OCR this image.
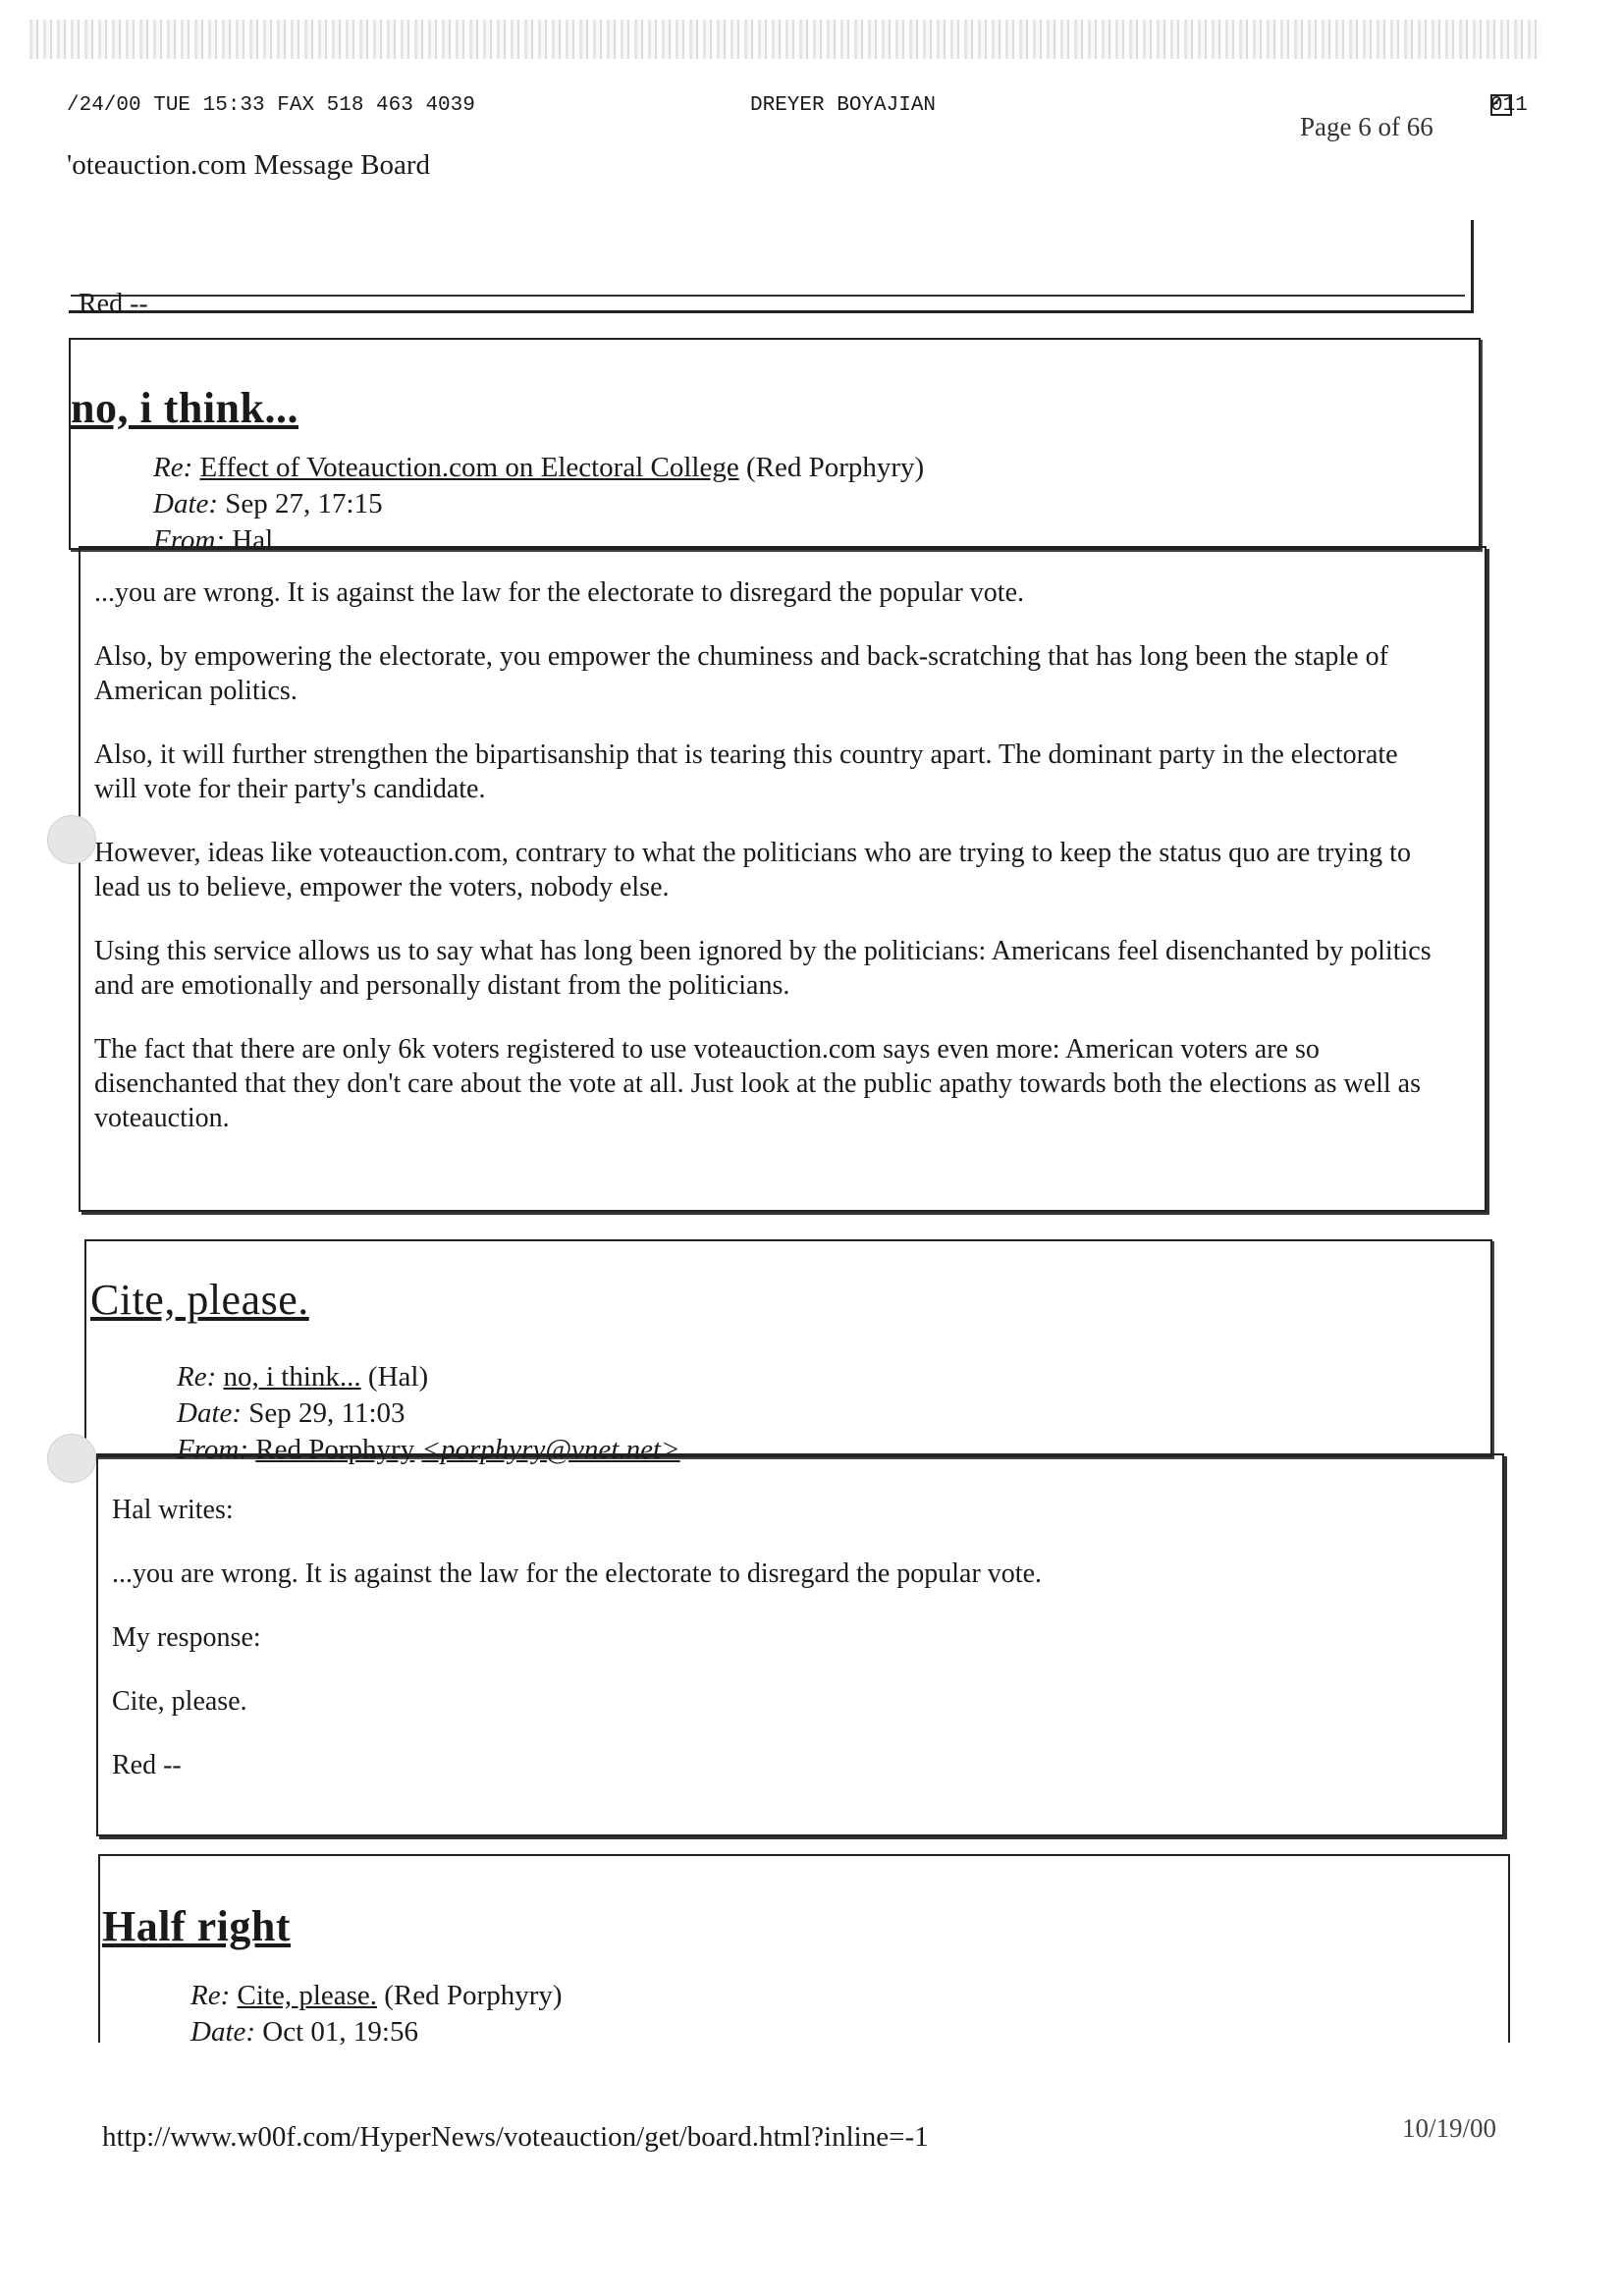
/24/00 TUE 15:33 FAX 518 463 4039	DREYER BOYAJIAN
Page 6 of 66
011
'oteauction.com Message Board
Red --
no, i think...
Re: Effect of Voteauction.com on Electoral College (Red Porphyry)
Date: Sep 27, 17:15
From: Hal

...you are wrong. It is against the law for the electorate to disregard the popular vote.

Also, by empowering the electorate, you empower the chuminess and back-scratching that has long been the staple of American politics.

Also, it will further strengthen the bipartisanship that is tearing this country apart. The dominant party in the electorate will vote for their party's candidate.

However, ideas like voteauction.com, contrary to what the politicians who are trying to keep the status quo are trying to lead us to believe, empower the voters, nobody else.

Using this service allows us to say what has long been ignored by the politicians: Americans feel disenchanted by politics and are emotionally and personally distant from the politicians.

The fact that there are only 6k voters registered to use voteauction.com says even more: American voters are so disenchanted that they don't care about the vote at all. Just look at the public apathy towards both the elections as well as voteauction.

Cite, please.
Re: no, i think... (Hal)
Date: Sep 29, 11:03
From: Red Porphyry <porphyry@vnet.net>

Hal writes:

...you are wrong. It is against the law for the electorate to disregard the popular vote.

My response:

Cite, please.

Red --

Half right
Re: Cite, please. (Red Porphyry)
Date: Oct 01, 19:56
http://www.w00f.com/HyperNews/voteauction/get/board.html?inline=-1	10/19/00
